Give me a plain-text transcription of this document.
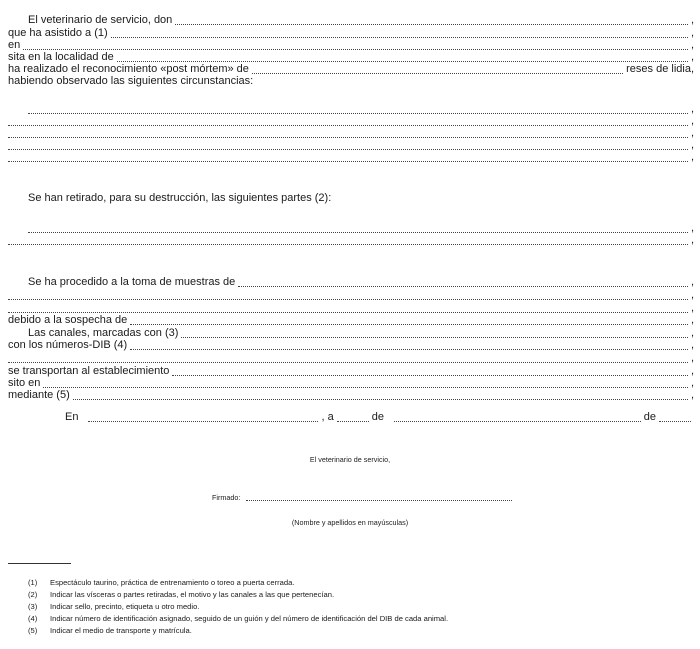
El veterinario de servicio, don	,
que ha asistido a (1)	,
en	,
sita en la localidad de	,
ha realizado el reconocimiento «post mórtem» de	reses de lidia,
habiendo observado las siguientes circunstancias:
,
,
,
,
,
Se han retirado, para su destrucción, las siguientes partes (2):
,
,
Se ha procedido a la toma de muestras de	,
,
,
debido a la sospecha de	,
Las canales, marcadas con (3)	,
con los números-DIB (4)	,
,
se transportan al establecimiento	,
sito en	,
mediante (5)	,
En	, a	de	de
El veterinario de servicio,
Firmado:
(Nombre y apellidos en mayúsculas)
(1)	Espectáculo taurino, práctica de entrenamiento o toreo a puerta cerrada.
(2)	Indicar las vísceras o partes retiradas, el motivo y las canales a las que pertenecían.
(3)	Indicar sello, precinto, etiqueta u otro medio.
(4)	Indicar número de identificación asignado, seguido de un guión y del número de identificación del DIB de cada animal.
(5)	Indicar el medio de transporte y matrícula.
